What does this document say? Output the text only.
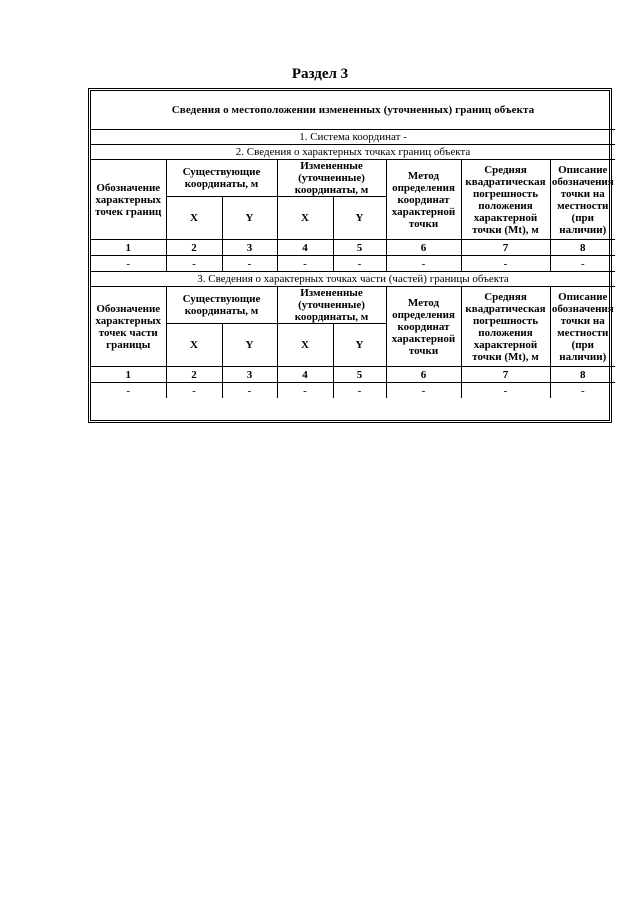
Раздел 3
Сведения о местоположении измененных (уточненных) границ объекта							
1. Система координат -							
2. Сведения о характерных точках границ объекта							
Обозначение характерных точек границ	Существующие координаты, м		Измененные (уточненные) координаты, м		Метод определения координат характерной точки	Средняя квадратическая погрешность положения характерной точки (Mt), м	Описание обозначения точки на местности (при наличии)
	X	Y	X	Y			
1	2	3	4	5	6	7	8
-	-	-	-	-	-	-	-
3. Сведения о характерных точках части (частей) границы объекта							
Обозначение характерных точек части границы	Существующие координаты, м		Измененные (уточненные) координаты, м		Метод определения координат характерной точки	Средняя квадратическая погрешность положения характерной точки (Mt), м	Описание обозначения точки на местности (при наличии)
	X	Y	X	Y			
1	2	3	4	5	6	7	8
-	-	-	-	-	-	-	-
